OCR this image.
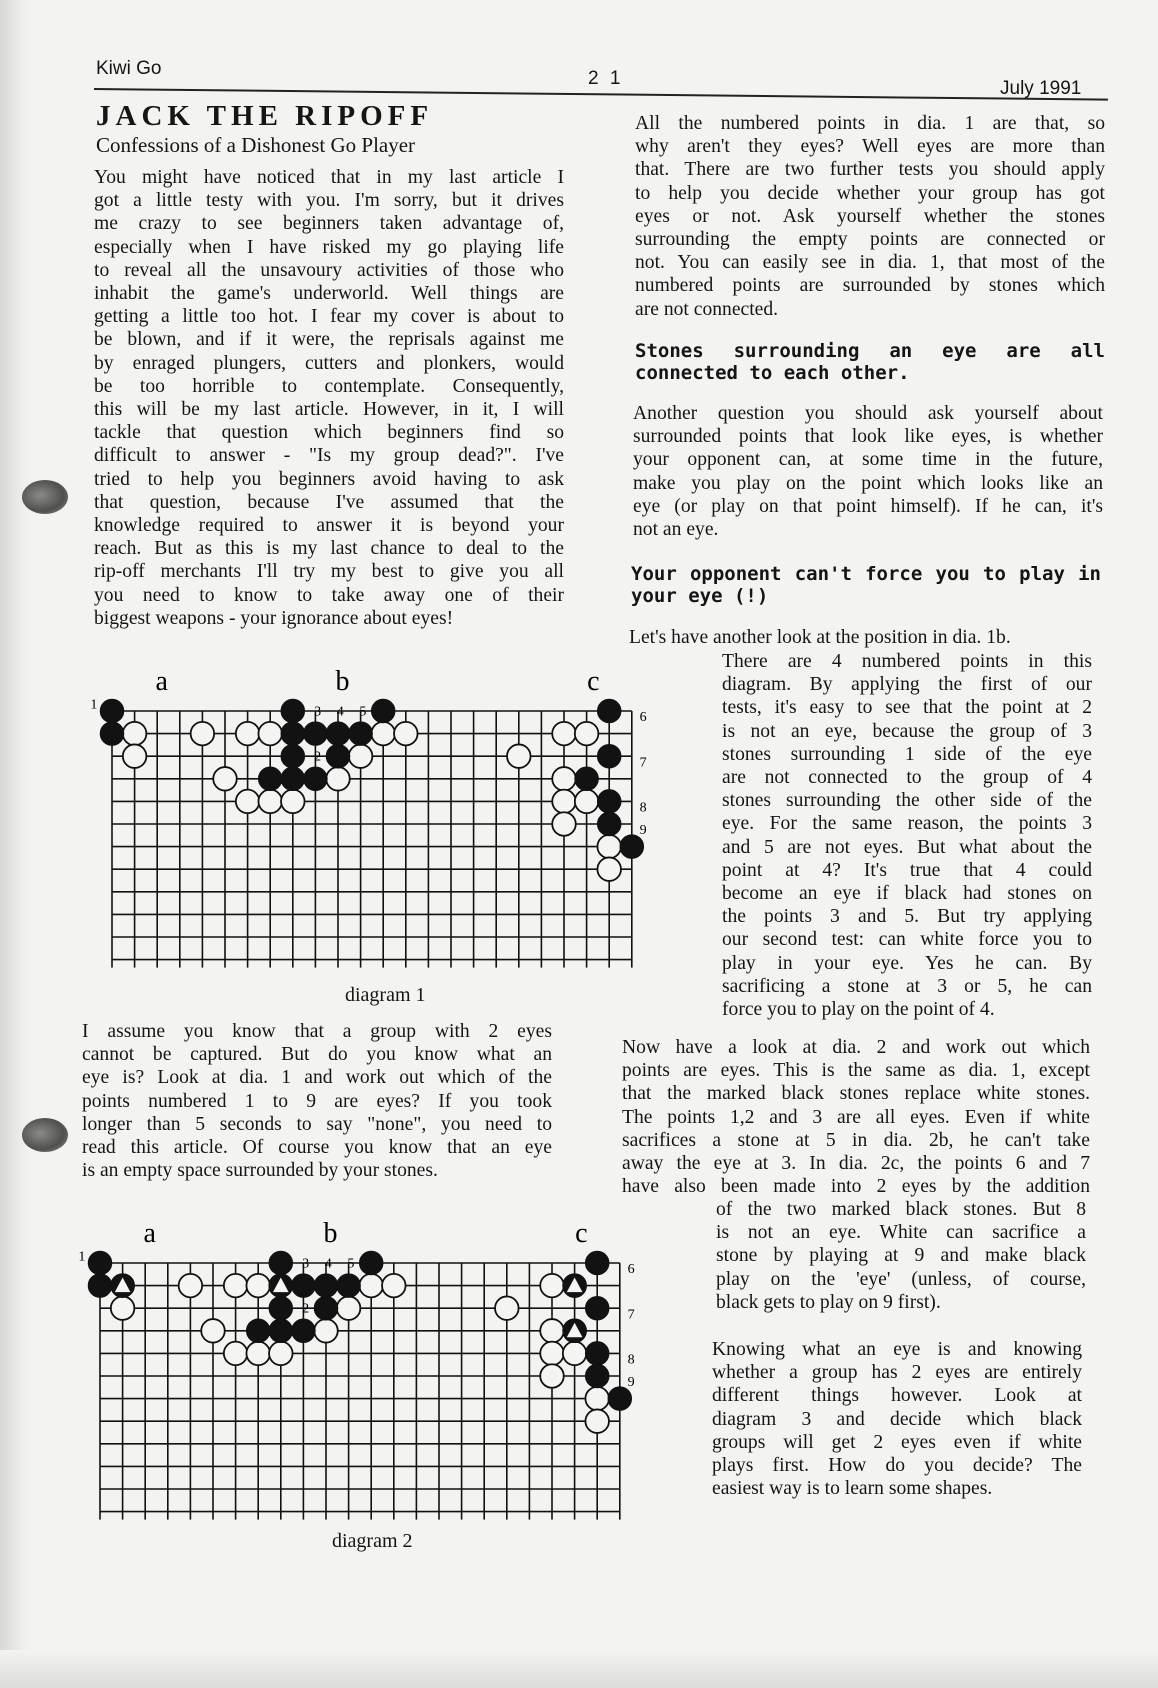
Kiwi Go	2 1	July 1991
JACK THE RIPOFF
Confessions of a Dishonest Go Player
You might have noticed that in my last article I
got a little testy with you. I'm sorry, but it drives
me crazy to see beginners taken advantage of,
especially when I have risked my go playing life
to reveal all the unsavoury activities of those who
inhabit the game's underworld. Well things are
getting a little too hot. I fear my cover is about to
be blown, and if it were, the reprisals against me
by enraged plungers, cutters and plonkers, would
be too horrible to contemplate. Consequently,
this will be my last article. However, in it, I will
tackle that question which beginners find so
difficult to answer - "Is my group dead?". I've
tried to help you beginners avoid having to ask
that question, because I've assumed that the
knowledge required to answer it is beyond your
reach. But as this is my last chance to deal to the
rip-off merchants I'll try my best to give you all
you need to know to take away one of their
biggest weapons - your ignorance about eyes!
a	b	c
1
2
3 4 5	6
7
8
9
diagram 1
I assume you know that a group with 2 eyes
cannot be captured. But do you know what an
eye is? Look at dia. 1 and work out which of the
points numbered 1 to 9 are eyes? If you took
longer than 5 seconds to say "none", you need to
read this article. Of course you know that an eye
is an empty space surrounded by your stones.
a	b	c
1
2
3 4 5	6
7
8
9
diagram 2
All the numbered points in dia. 1 are that, so
why aren't they eyes? Well eyes are more than
that. There are two further tests you should apply
to help you decide whether your group has got
eyes or not. Ask yourself whether the stones
surrounding the empty points are connected or
not. You can easily see in dia. 1, that most of the
numbered points are surrounded by stones which
are not connected.
Stones surrounding an eye are all
connected to each other.
Another question you should ask yourself about
surrounded points that look like eyes, is whether
your opponent can, at some time in the future,
make you play on the point which looks like an
eye (or play on that point himself). If he can, it's
not an eye.
Your opponent can't force you to play in
your eye (!)
Let's have another look at the position in dia. 1b.
There are 4 numbered points in this
diagram. By applying the first of our
tests, it's easy to see that the point at 2
is not an eye, because the group of 3
stones surrounding 1 side of the eye
are not connected to the group of 4
stones surrounding the other side of the
eye. For the same reason, the points 3
and 5 are not eyes. But what about the
point at 4? It's true that 4 could
become an eye if black had stones on
the points 3 and 5. But try applying
our second test: can white force you to
play in your eye. Yes he can. By
sacrificing a stone at 3 or 5, he can
force you to play on the point of 4.
Now have a look at dia. 2 and work out which
points are eyes. This is the same as dia. 1, except
that the marked black stones replace white stones.
The points 1,2 and 3 are all eyes. Even if white
sacrifices a stone at 5 in dia. 2b, he can't take
away the eye at 3. In dia. 2c, the points 6 and 7
have also been made into 2 eyes by the addition
of the two marked black stones. But 8
is not an eye. White can sacrifice a
stone by playing at 9 and make black
play on the 'eye' (unless, of course,
black gets to play on 9 first).
Knowing what an eye is and knowing
whether a group has 2 eyes are entirely
different things however. Look at
diagram 3 and decide which black
groups will get 2 eyes even if white
plays first. How do you decide? The
easiest way is to learn some shapes.
